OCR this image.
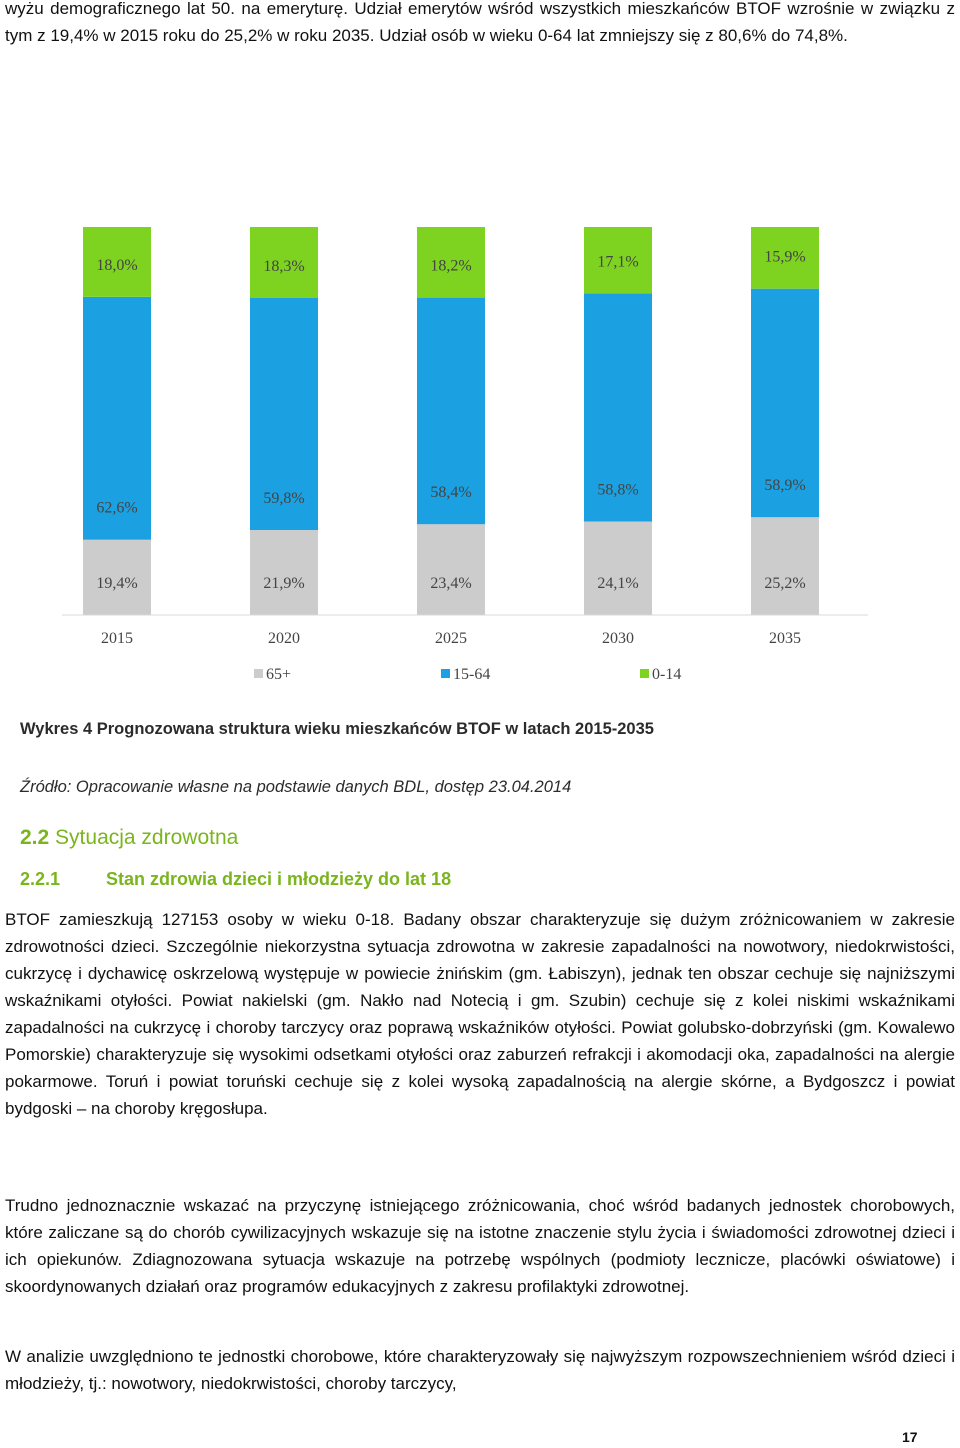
wyżu demograficznego lat 50. na emeryturę. Udział emerytów wśród wszystkich mieszkańców BTOF wzrośnie w związku z tym z 19,4% w 2015 roku do 25,2% w roku 2035. Udział osób w wieku 0-64 lat zmniejszy się z 80,6% do 74,8%.

19,4%
62,6%
18,0%
21,9%
59,8%
18,3%
23,4%
58,4%
18,2%
24,1%
58,8%
17,1%
25,2%
58,9%
15,9%
2015	2020	2025	2030	2035
65+	15-64	0-14

Wykres 4 Prognozowana struktura wieku mieszkańców BTOF w latach 2015-2035

Źródło: Opracowanie własne na podstawie danych BDL, dostęp 23.04.2014

2.2 Sytuacja zdrowotna
2.2.1	Stan zdrowia dzieci i młodzieży do lat 18

BTOF zamieszkują 127153 osoby w wieku 0-18. Badany obszar charakteryzuje się dużym zróżnicowaniem w zakresie zdrowotności dzieci. Szczególnie niekorzystna sytuacja zdrowotna w zakresie zapadalności na nowotwory, niedokrwistości, cukrzycę i dychawicę oskrzelową występuje w powiecie żnińskim (gm. Łabiszyn), jednak ten obszar cechuje się najniższymi wskaźnikami otyłości. Powiat nakielski (gm. Nakło nad Notecią i gm. Szubin) cechuje się z kolei niskimi wskaźnikami zapadalności na cukrzycę i choroby tarczycy oraz poprawą wskaźników otyłości. Powiat golubsko-dobrzyński (gm. Kowalewo Pomorskie) charakteryzuje się wysokimi odsetkami otyłości oraz zaburzeń refrakcji i akomodacji oka, zapadalności na alergie pokarmowe. Toruń i powiat toruński cechuje się z kolei wysoką zapadalnością na alergie skórne, a Bydgoszcz i powiat bydgoski – na choroby kręgosłupa.

Trudno jednoznacznie wskazać na przyczynę istniejącego zróżnicowania, choć wśród badanych jednostek chorobowych, które zaliczane są do chorób cywilizacyjnych wskazuje się na istotne znaczenie stylu życia i świadomości zdrowotnej dzieci i ich opiekunów. Zdiagnozowana sytuacja wskazuje na potrzebę wspólnych (podmioty lecznicze, placówki oświatowe) i skoordynowanych działań oraz programów edukacyjnych z zakresu profilaktyki zdrowotnej.

W analizie uwzględniono te jednostki chorobowe, które charakteryzowały się najwyższym rozpowszechnieniem wśród dzieci i młodzieży, tj.: nowotwory, niedokrwistości, choroby tarczycy,

17
